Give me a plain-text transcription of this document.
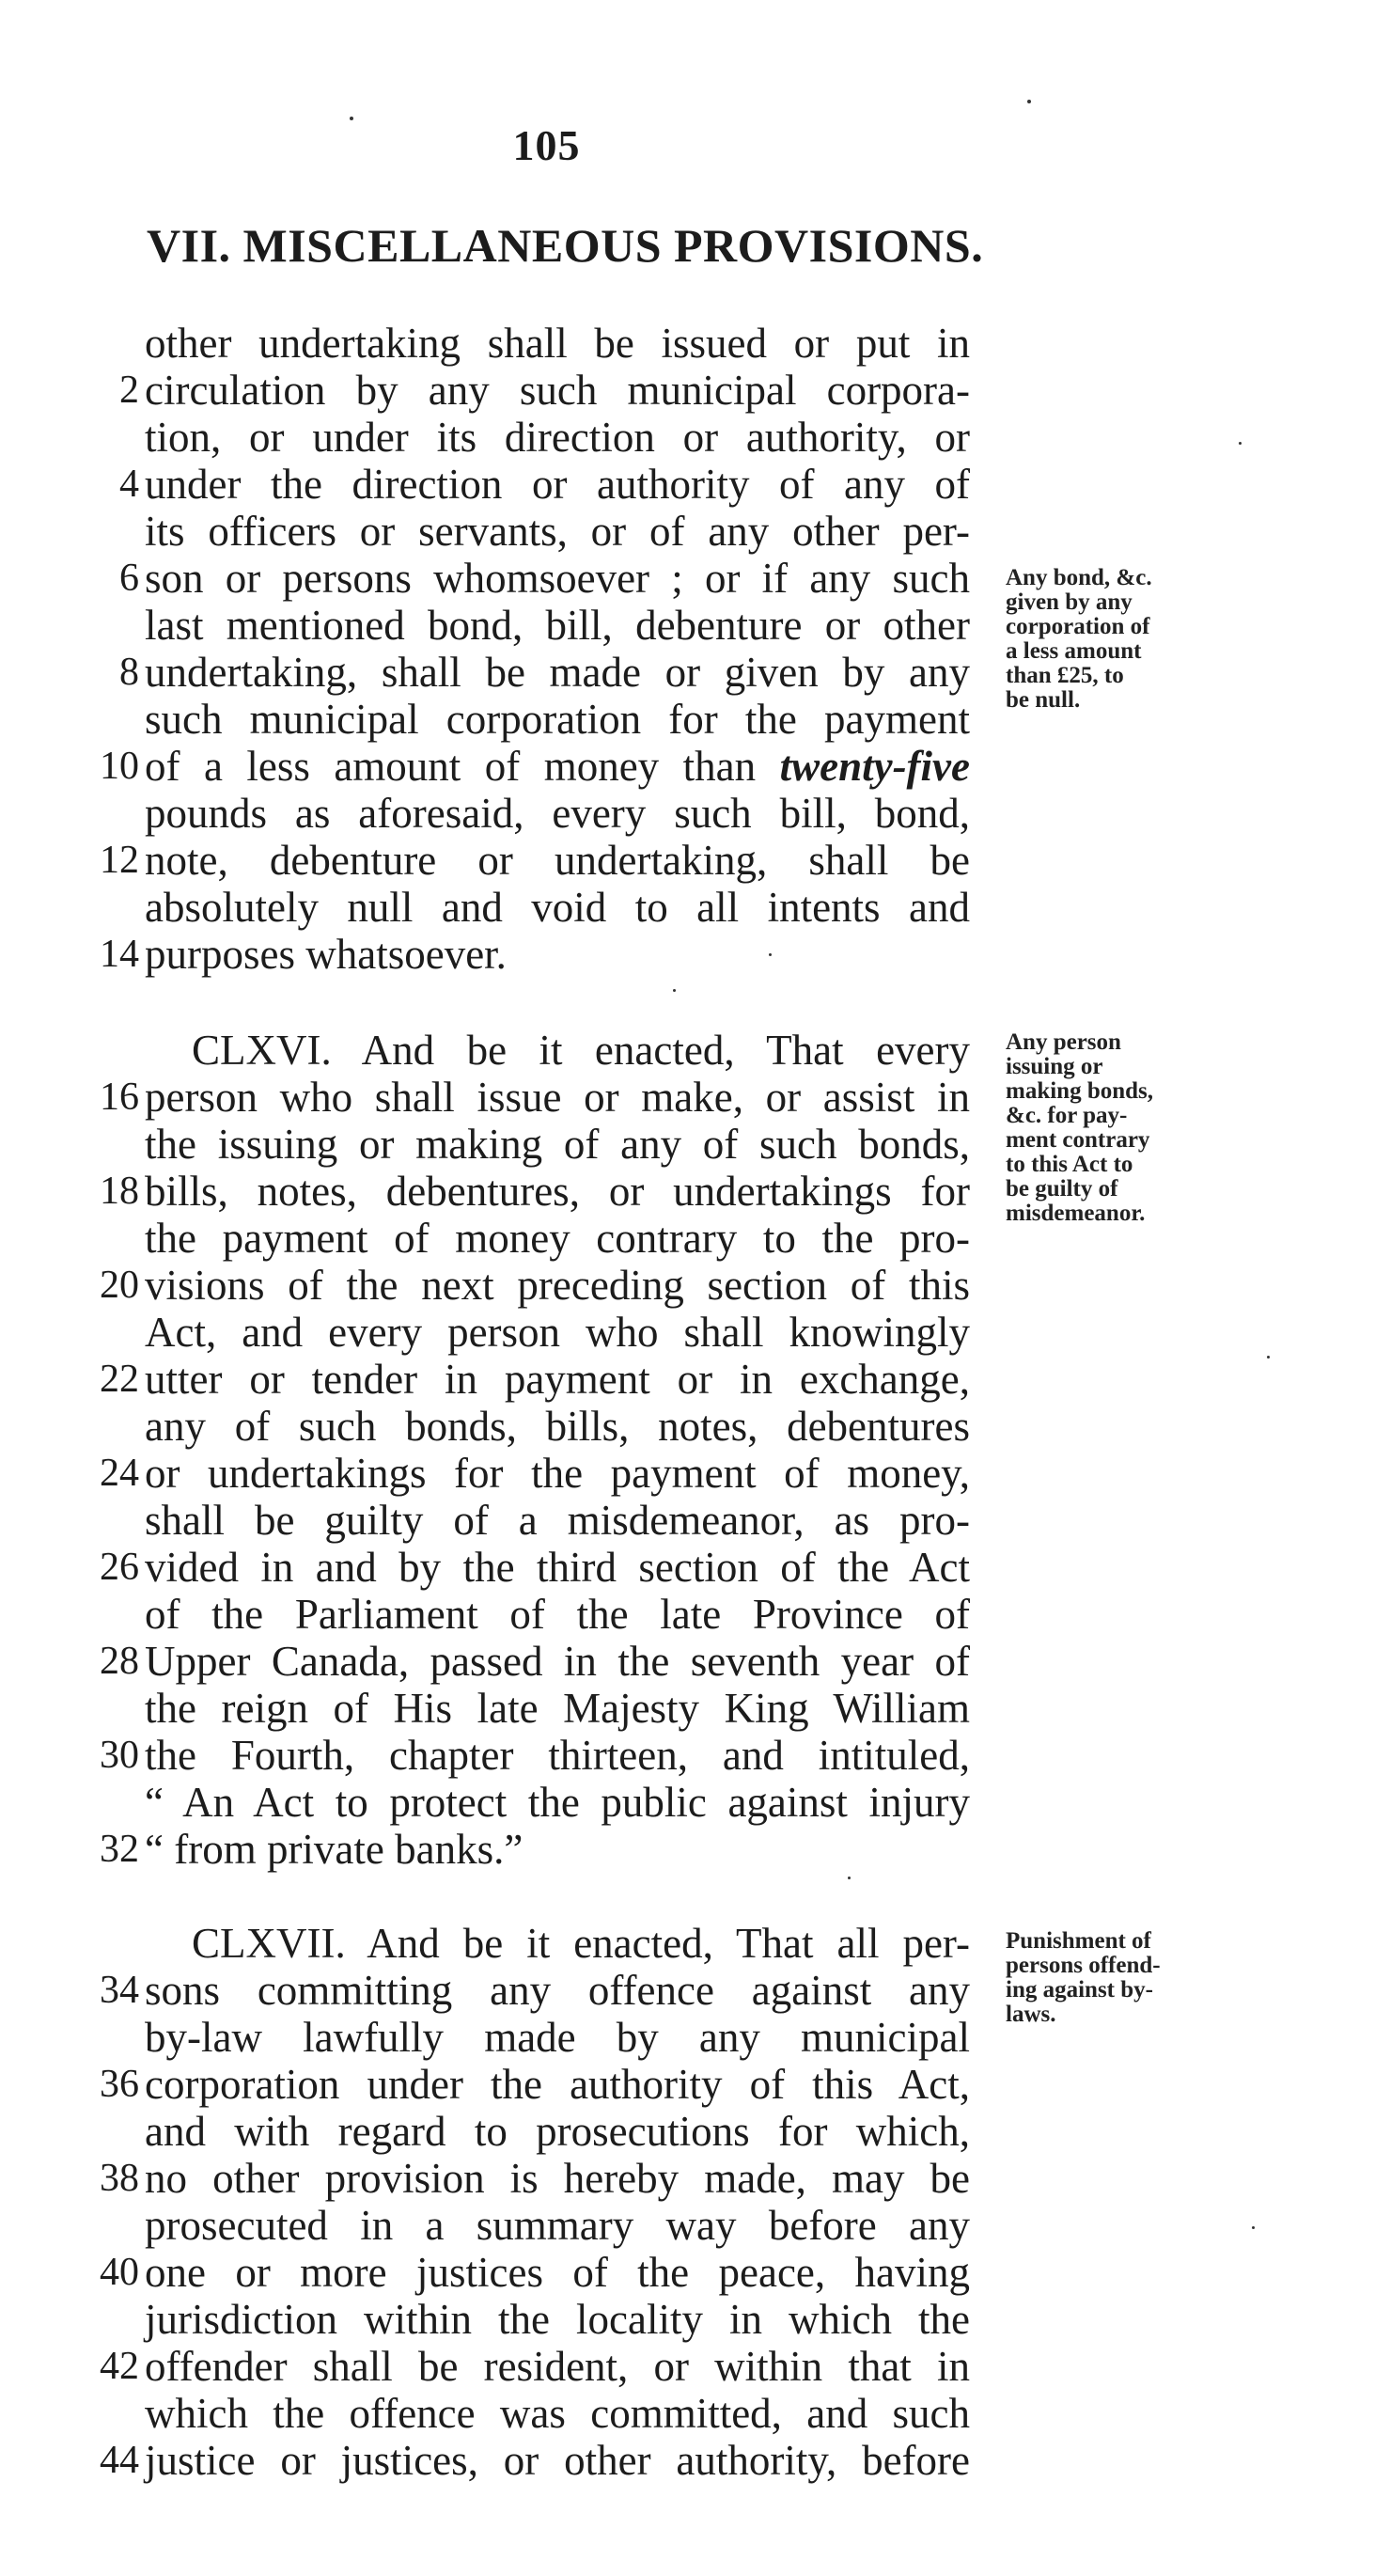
105
VII. MISCELLANEOUS PROVISIONS.
other undertaking shall be issued or put in
2 circulation by any such municipal corpora-
tion, or under its direction or authority, or
4 under the direction or authority of any of
its officers or servants, or of any other per-
6 son or persons whomsoever ; or if any such
last mentioned bond, bill, debenture or other
8 undertaking, shall be made or given by any
such municipal corporation for the payment
10 of a less amount of money than twenty-five
pounds as aforesaid, every such bill, bond,
12 note, debenture or undertaking, shall be
absolutely null and void to all intents and
14 purposes whatsoever.
CLXVI. And be it enacted, That every
16 person who shall issue or make, or assist in
the issuing or making of any of such bonds,
18 bills, notes, debentures, or undertakings for
the payment of money contrary to the pro-
20 visions of the next preceding section of this
Act, and every person who shall knowingly
22 utter or tender in payment or in exchange,
any of such bonds, bills, notes, debentures
24 or undertakings for the payment of money,
shall be guilty of a misdemeanor, as pro-
26 vided in and by the third section of the Act
of the Parliament of the late Province of
28 Upper Canada, passed in the seventh year of
the reign of His late Majesty King William
30 the Fourth, chapter thirteen, and intituled,
“ An Act to protect the public against injury
32 “ from private banks.”
CLXVII. And be it enacted, That all per-
34 sons committing any offence against any
by-law lawfully made by any municipal
36 corporation under the authority of this Act,
and with regard to prosecutions for which,
38 no other provision is hereby made, may be
prosecuted in a summary way before any
40 one or more justices of the peace, having
jurisdiction within the locality in which the
42 offender shall be resident, or within that in
which the offence was committed, and such
44 justice or justices, or other authority, before
Any bond, &c.
given by any
corporation of
a less amount
than £25, to
be null.
Any person
issuing or
making bonds,
&c. for pay-
ment contrary
to this Act to
be guilty of
misdemeanor.
Punishment of
persons offend-
ing against by-
laws.
